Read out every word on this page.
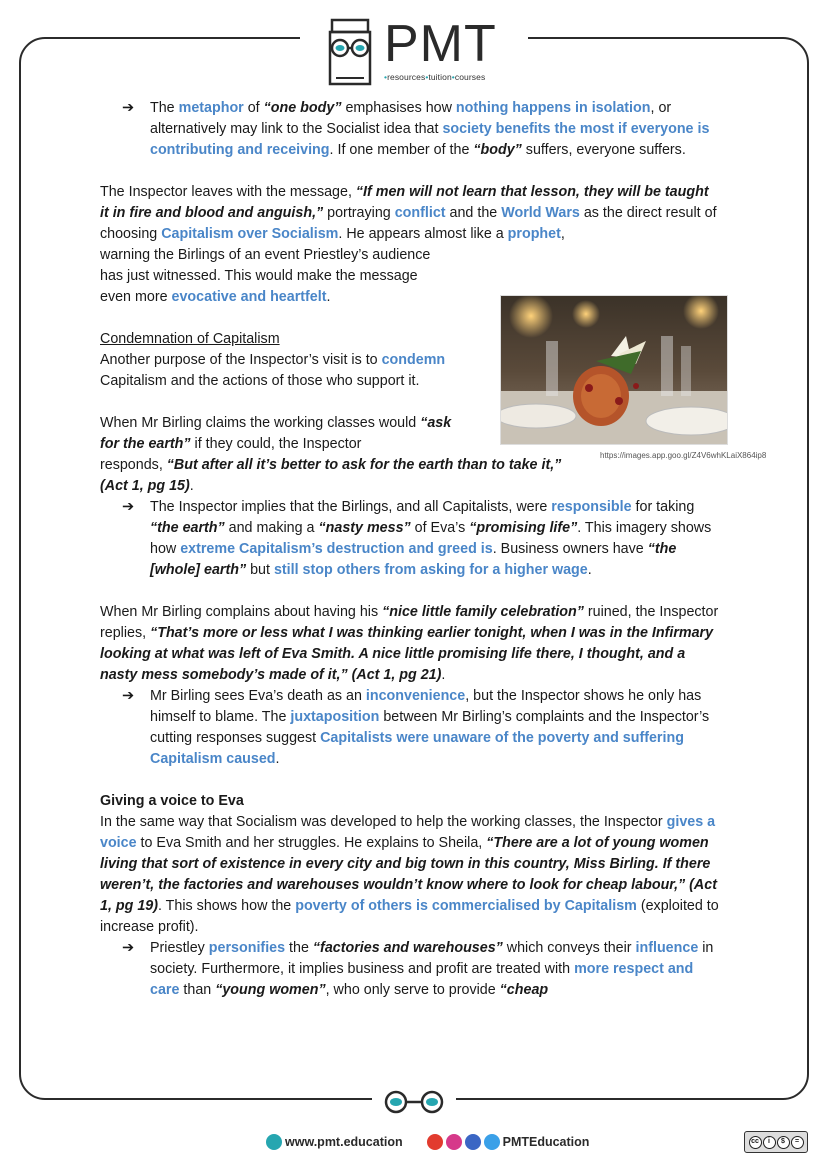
PMT
•resources•tuition•courses

➔ The metaphor of “one body” emphasises how nothing happens in isolation, or alternatively may link to the Socialist idea that society benefits the most if everyone is contributing and receiving. If one member of the “body” suffers, everyone suffers.

The Inspector leaves with the message, “If men will not learn that lesson, they will be taught it in fire and blood and anguish,” portraying conflict and the World Wars as the direct result of choosing Capitalism over Socialism. He appears almost like a prophet,

warning the Birlings of an event Priestley’s audience has just witnessed. This would make the message even more evocative and heartfelt.

Condemnation of Capitalism

Another purpose of the Inspector’s visit is to condemn Capitalism and the actions of those who support it.

When Mr Birling claims the working classes would “ask for the earth” if they could, the Inspector

responds, “But after all it’s better to ask for the earth than to take it,” (Act 1, pg 15).

➔ The Inspector implies that the Birlings, and all Capitalists, were responsible for taking “the earth” and making a “nasty mess” of Eva’s “promising life”. This imagery shows how extreme Capitalism’s destruction and greed is. Business owners have “the [whole] earth” but still stop others from asking for a higher wage.

When Mr Birling complains about having his “nice little family celebration” ruined, the Inspector replies, “That’s more or less what I was thinking earlier tonight, when I was in the Infirmary looking at what was left of Eva Smith. A nice little promising life there, I thought, and a nasty mess somebody’s made of it,” (Act 1, pg 21).

➔ Mr Birling sees Eva’s death as an inconvenience, but the Inspector shows he only has himself to blame. The juxtaposition between Mr Birling’s complaints and the Inspector’s cutting responses suggest Capitalists were unaware of the poverty and suffering Capitalism caused.

Giving a voice to Eva

In the same way that Socialism was developed to help the working classes, the Inspector gives a voice to Eva Smith and her struggles. He explains to Sheila, “There are a lot of young women living that sort of existence in every city and big town in this country, Miss Birling. If there weren’t, the factories and warehouses wouldn’t know where to look for cheap labour,” (Act 1, pg 19). This shows how the poverty of others is commercialised by Capitalism (exploited to increase profit).

➔ Priestley personifies the “factories and warehouses” which conveys their influence in society. Furthermore, it implies business and profit are treated with more respect and care than “young women”, who only serve to provide “cheap

https://images.app.goo.gl/Z4V6whKLaiX864ip8
www.pmt.education	PMTEducation	cc	i	$	=
